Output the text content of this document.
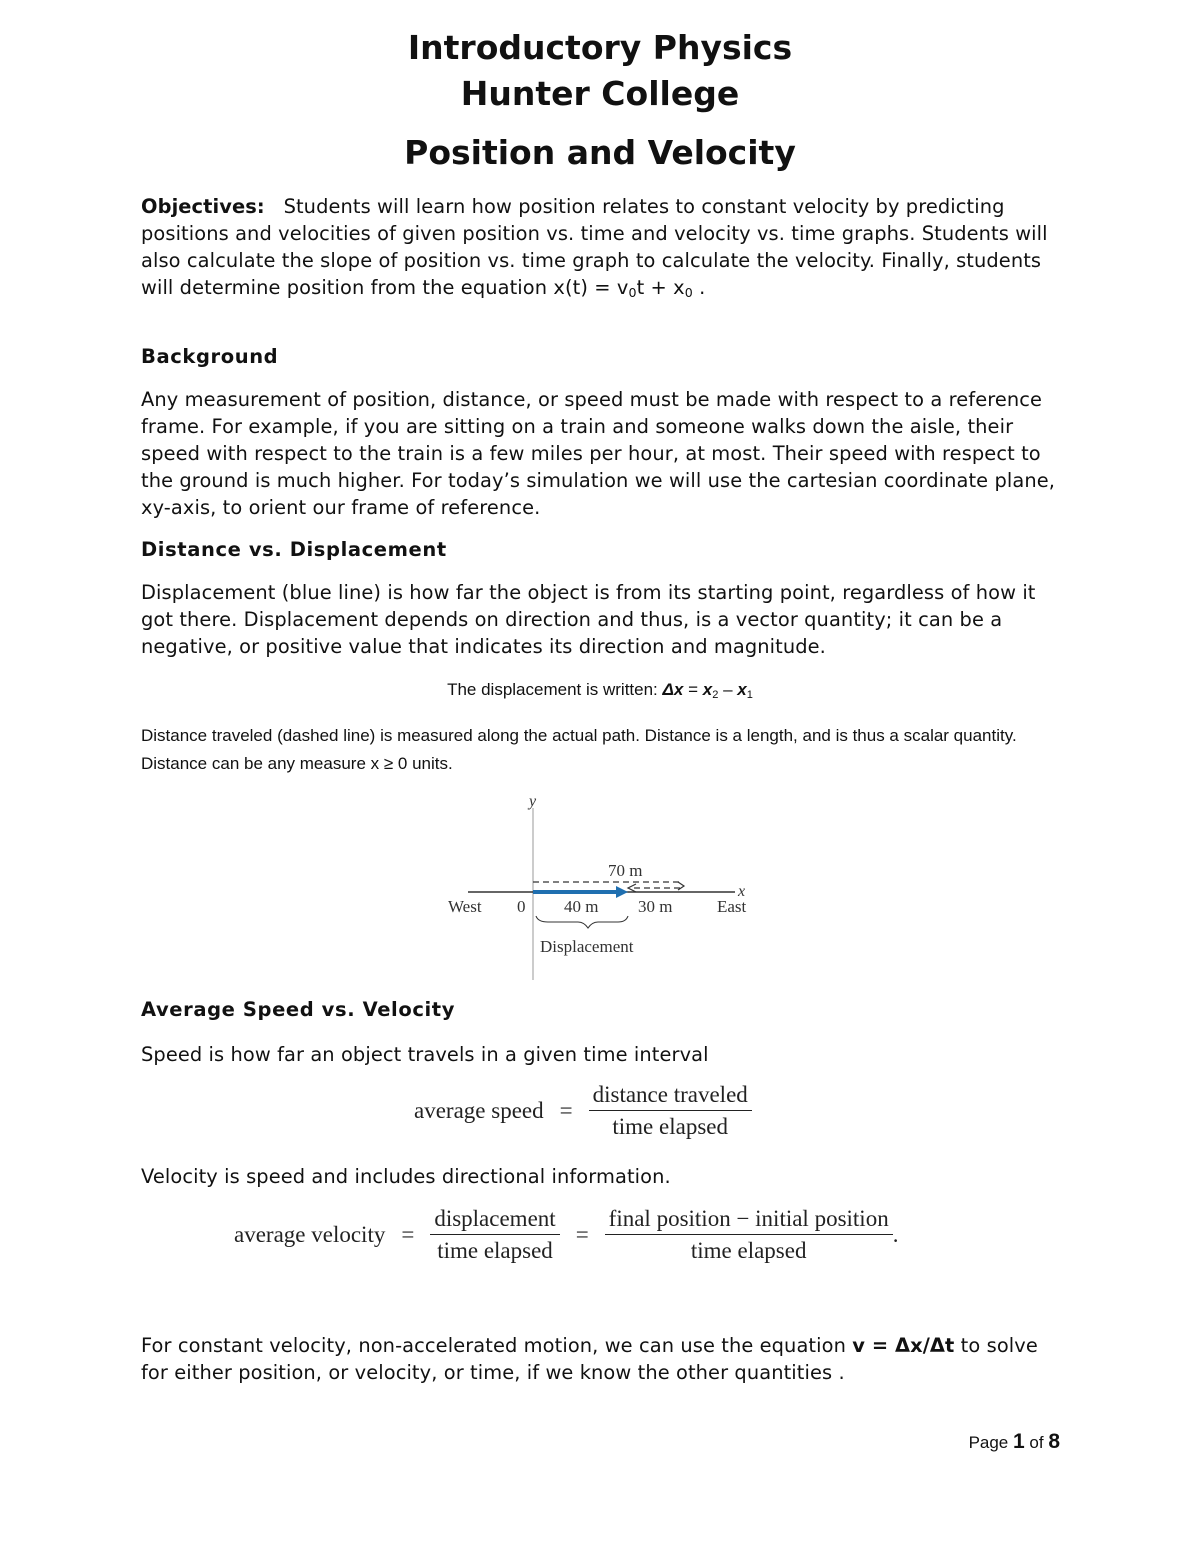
Introductory Physics
Hunter College
Position and Velocity
Objectives: Students will learn how position relates to constant velocity by predicting positions and velocities of given position vs. time and velocity vs. time graphs. Students will also calculate the slope of position vs. time graph to calculate the velocity. Finally, students will determine position from the equation $x(t) = v_0t + x_0$ .
Background
Any measurement of position, distance, or speed must be made with respect to a reference frame. For example, if you are sitting on a train and someone walks down the aisle, their speed with respect to the train is a few miles per hour, at most. Their speed with respect to the ground is much higher. For today’s simulation we will use the cartesian coordinate plane, xy-axis, to orient our frame of reference.
Distance vs. Displacement
Displacement (blue line) is how far the object is from its starting point, regardless of how it got there. Displacement depends on direction and thus, is a vector quantity; it can be a negative, or positive value that indicates its direction and magnitude.
The displacement is written: $\Delta x = x_2 - x_1$
Distance traveled (dashed line) is measured along the actual path. Distance is a length, and is thus a scalar quantity. Distance can be any measure x ≥ 0 units.
y
x
70 m
West 0 40 m 30 m	East
Displacement
Average Speed vs. Velocity
Speed is how far an object travels in a given time interval
average speed = $\frac{\text{distance traveled}}{\text{time elapsed}}$
Velocity is speed and includes directional information.
average velocity = $\frac{\text{displacement}}{\text{time elapsed}} = \frac{\text{final position − initial position}}{\text{time elapsed}}$ .
For constant velocity, non-accelerated motion, we can use the equation v = Δx/Δt to solve for either position, or velocity, or time, if we know the other quantities .
Page 1 of 8
